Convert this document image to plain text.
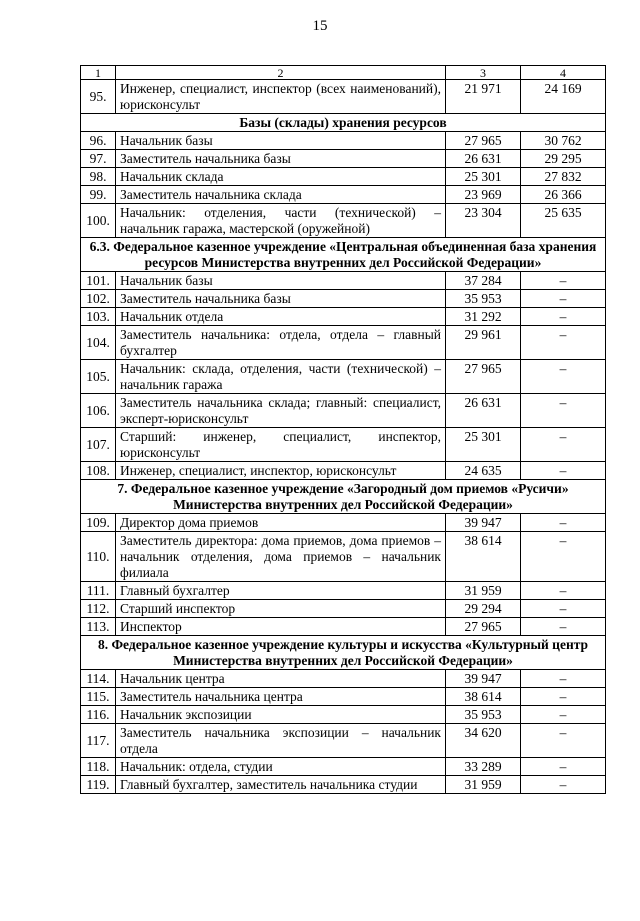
15
1	2	3	4
95.	Инженер, специалист, инспектор (всех наименований), юрисконсульт	21 971	24 169
Базы (склады) хранения ресурсов			
96.	Начальник базы	27 965	30 762
97.	Заместитель начальника базы	26 631	29 295
98.	Начальник склада	25 301	27 832
99.	Заместитель начальника склада	23 969	26 366
100.	Начальник: отделения, части (технической) – начальник гаража, мастерской (оружейной)	23 304	25 635
6.3. Федеральное казенное учреждение «Центральная объединенная база хранения ресурсов Министерства внутренних дел Российской Федерации»			
101.	Начальник базы	37 284	–
102.	Заместитель начальника базы	35 953	–
103.	Начальник отдела	31 292	–
104.	Заместитель начальника: отдела, отдела – главный бухгалтер	29 961	–
105.	Начальник: склада, отделения, части (технической) – начальник гаража	27 965	–
106.	Заместитель начальника склада; главный: специалист, эксперт-юрисконсульт	26 631	–
107.	Старший: инженер, специалист, инспектор, юрисконсульт	25 301	–
108.	Инженер, специалист, инспектор, юрисконсульт	24 635	–
7. Федеральное казенное учреждение «Загородный дом приемов «Русичи» Министерства внутренних дел Российской Федерации»			
109.	Директор дома приемов	39 947	–
110.	Заместитель директора: дома приемов, дома приемов – начальник отделения, дома приемов – начальник филиала	38 614	–
111.	Главный бухгалтер	31 959	–
112.	Старший инспектор	29 294	–
113.	Инспектор	27 965	–
8. Федеральное казенное учреждение культуры и искусства «Культурный центр Министерства внутренних дел Российской Федерации»			
114.	Начальник центра	39 947	–
115.	Заместитель начальника центра	38 614	–
116.	Начальник экспозиции	35 953	–
117.	Заместитель начальника экспозиции – начальник отдела	34 620	–
118.	Начальник: отдела, студии	33 289	–
119.	Главный бухгалтер, заместитель начальника студии	31 959	–
